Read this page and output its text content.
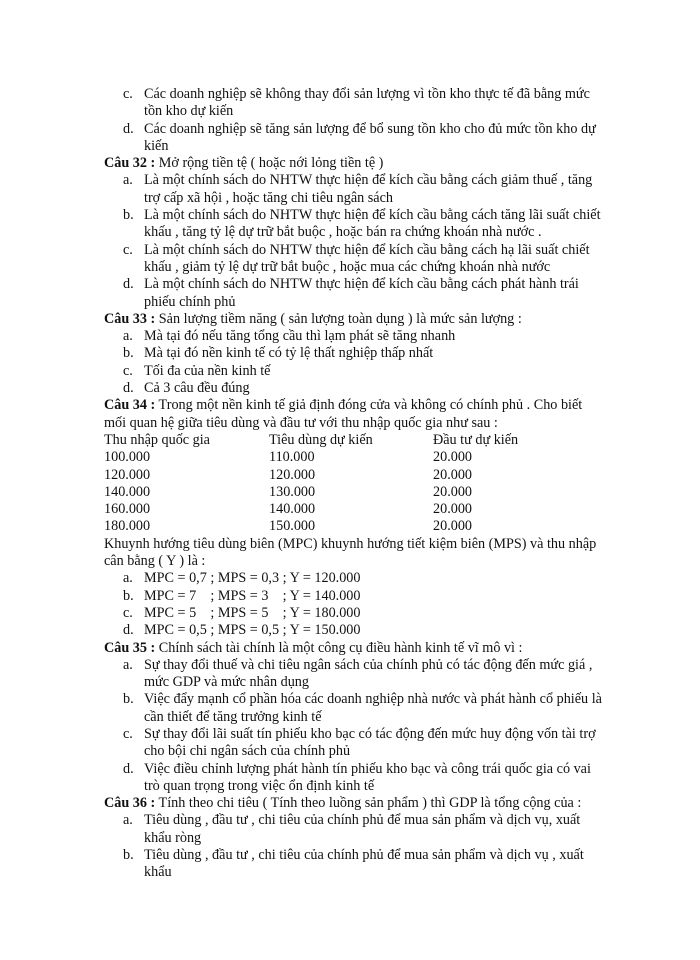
c. Các doanh nghiệp sẽ không thay đổi sản lượng vì tồn kho thực tế đã bằng mức tồn kho dự kiến
d. Các doanh nghiệp sẽ tăng sản lượng để bổ sung tồn kho cho đủ mức tồn kho dự kiến
Câu 32 : Mở rộng tiền tệ ( hoặc nới lỏng tiền tệ )
a. Là một chính sách do NHTW thực hiện để kích cầu bằng cách giảm thuế , tăng trợ cấp xã hội , hoặc tăng chi tiêu ngân sách
b. Là một chính sách do NHTW thực hiện để kích cầu bằng cách tăng lãi suất chiết khấu , tăng tỷ lệ dự trữ bắt buộc , hoặc bán ra chứng khoán nhà nước .
c. Là một chính sách do NHTW thực hiện để kích cầu bằng cách hạ lãi suất chiết khấu , giảm tỷ lệ dự trữ bắt buộc , hoặc mua các chứng khoán nhà nước
d. Là một chính sách do NHTW thực hiện để kích cầu bằng cách phát hành trái phiếu chính phủ
Câu 33 : Sản lượng tiềm năng ( sản lượng toàn dụng ) là mức sản lượng :
a. Mà tại đó nếu tăng tổng cầu thì lạm phát sẽ tăng nhanh
b. Mà tại đó nền kinh tế có tỷ lệ thất nghiệp thấp nhất
c. Tối đa của nền kinh tế
d. Cả 3 câu đều đúng
Câu 34 : Trong một nền kinh tế giả định đóng cửa và không có chính phủ . Cho biết mối quan hệ giữa tiêu dùng và đầu tư với thu nhập quốc gia như sau :
Thu nhập quốc gia	Tiêu dùng dự kiến	Đầu tư dự kiến
100.000	110.000	20.000
120.000	120.000	20.000
140.000	130.000	20.000
160.000	140.000	20.000
180.000	150.000	20.000
Khuynh hướng tiêu dùng biên (MPC) khuynh hướng tiết kiệm biên (MPS) và thu nhập cân bằng ( Y ) là :
a. MPC = 0,7 ; MPS = 0,3 ; Y = 120.000
b. MPC = 7    ; MPS = 3    ; Y = 140.000
c. MPC = 5    ; MPS = 5    ; Y = 180.000
d. MPC = 0,5 ; MPS = 0,5 ; Y = 150.000
Câu 35 : Chính sách tài chính là một công cụ điều hành kinh tế vĩ mô vì :
a. Sự thay đổi thuế và chi tiêu ngân sách của chính phủ có tác động đến mức giá , mức GDP và mức nhân dụng
b. Việc đẩy mạnh cổ phần hóa các doanh nghiệp nhà nước và phát hành cổ phiếu là cần thiết để tăng trưởng kinh tế
c. Sự thay đổi lãi suất tín phiếu kho bạc có tác động đến mức huy động vốn tài trợ cho bội chi ngân sách của chính phủ
d. Việc điều chỉnh lượng phát hành tín phiếu kho bạc và công trái quốc gia có vai trò quan trọng trong việc ổn định kinh tế
Câu 36 : Tính theo chi tiêu ( Tính theo luồng sản phẩm ) thì GDP là tổng cộng của :
a. Tiêu dùng , đầu tư , chi tiêu của chính phủ để mua sản phẩm và dịch vụ, xuất khẩu ròng
b. Tiêu dùng , đầu tư , chi tiêu của chính phủ để mua sản phẩm và dịch vụ , xuất khẩu
